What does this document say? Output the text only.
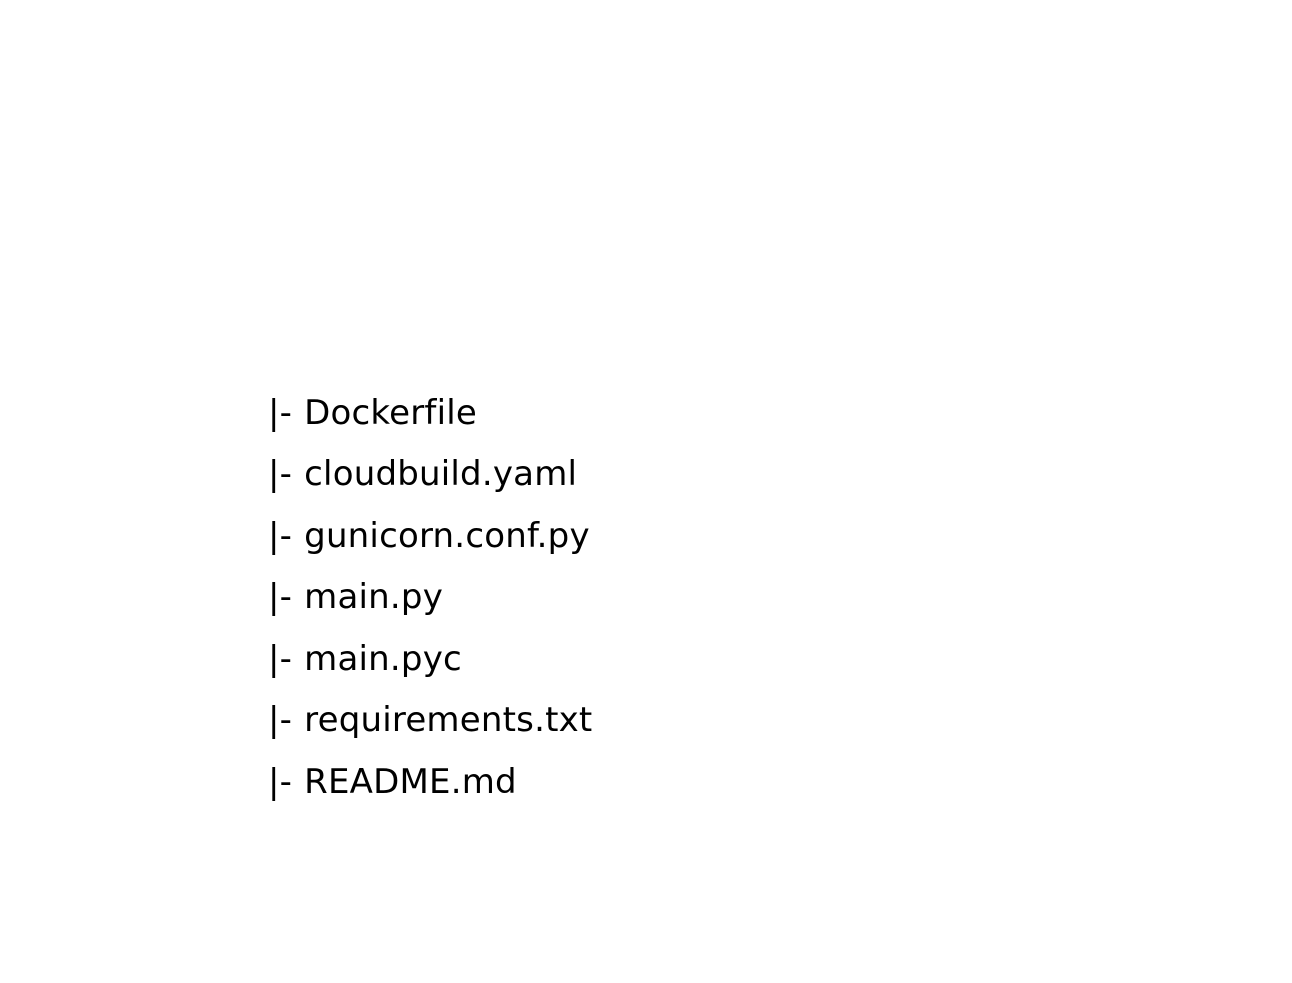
|- Dockerfile

|- cloudbuild.yaml

|- gunicorn.conf.py

|- main.py

|- main.pyc

|- requirements.txt

|- README.md
